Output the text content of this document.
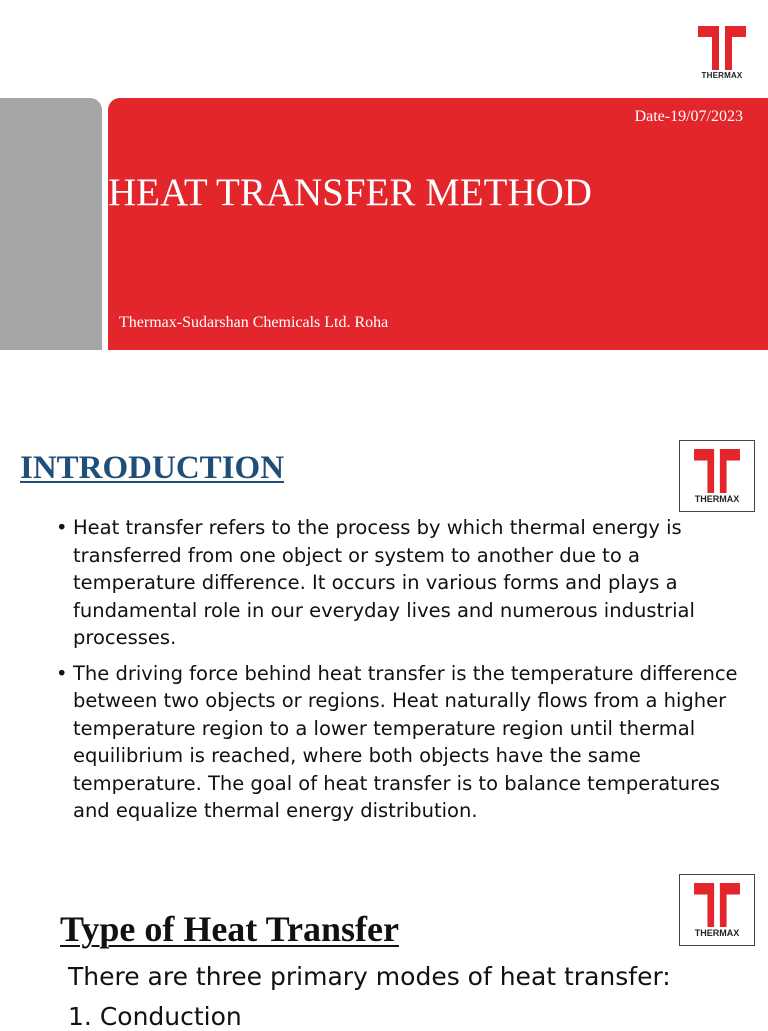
THERMAX
Date-19/07/2023
HEAT TRANSFER METHOD
Thermax-Sudarshan Chemicals Ltd. Roha
THERMAX
INTRODUCTION
• Heat transfer refers to the process by which thermal energy is transferred from one object or system to another due to a temperature difference. It occurs in various forms and plays a fundamental role in our everyday lives and numerous industrial processes.
• The driving force behind heat transfer is the temperature difference between two objects or regions. Heat naturally flows from a higher temperature region to a lower temperature region until thermal equilibrium is reached, where both objects have the same temperature. The goal of heat transfer is to balance temperatures and equalize thermal energy distribution.
THERMAX
Type of Heat Transfer

There are three primary modes of heat transfer:

1. Conduction
